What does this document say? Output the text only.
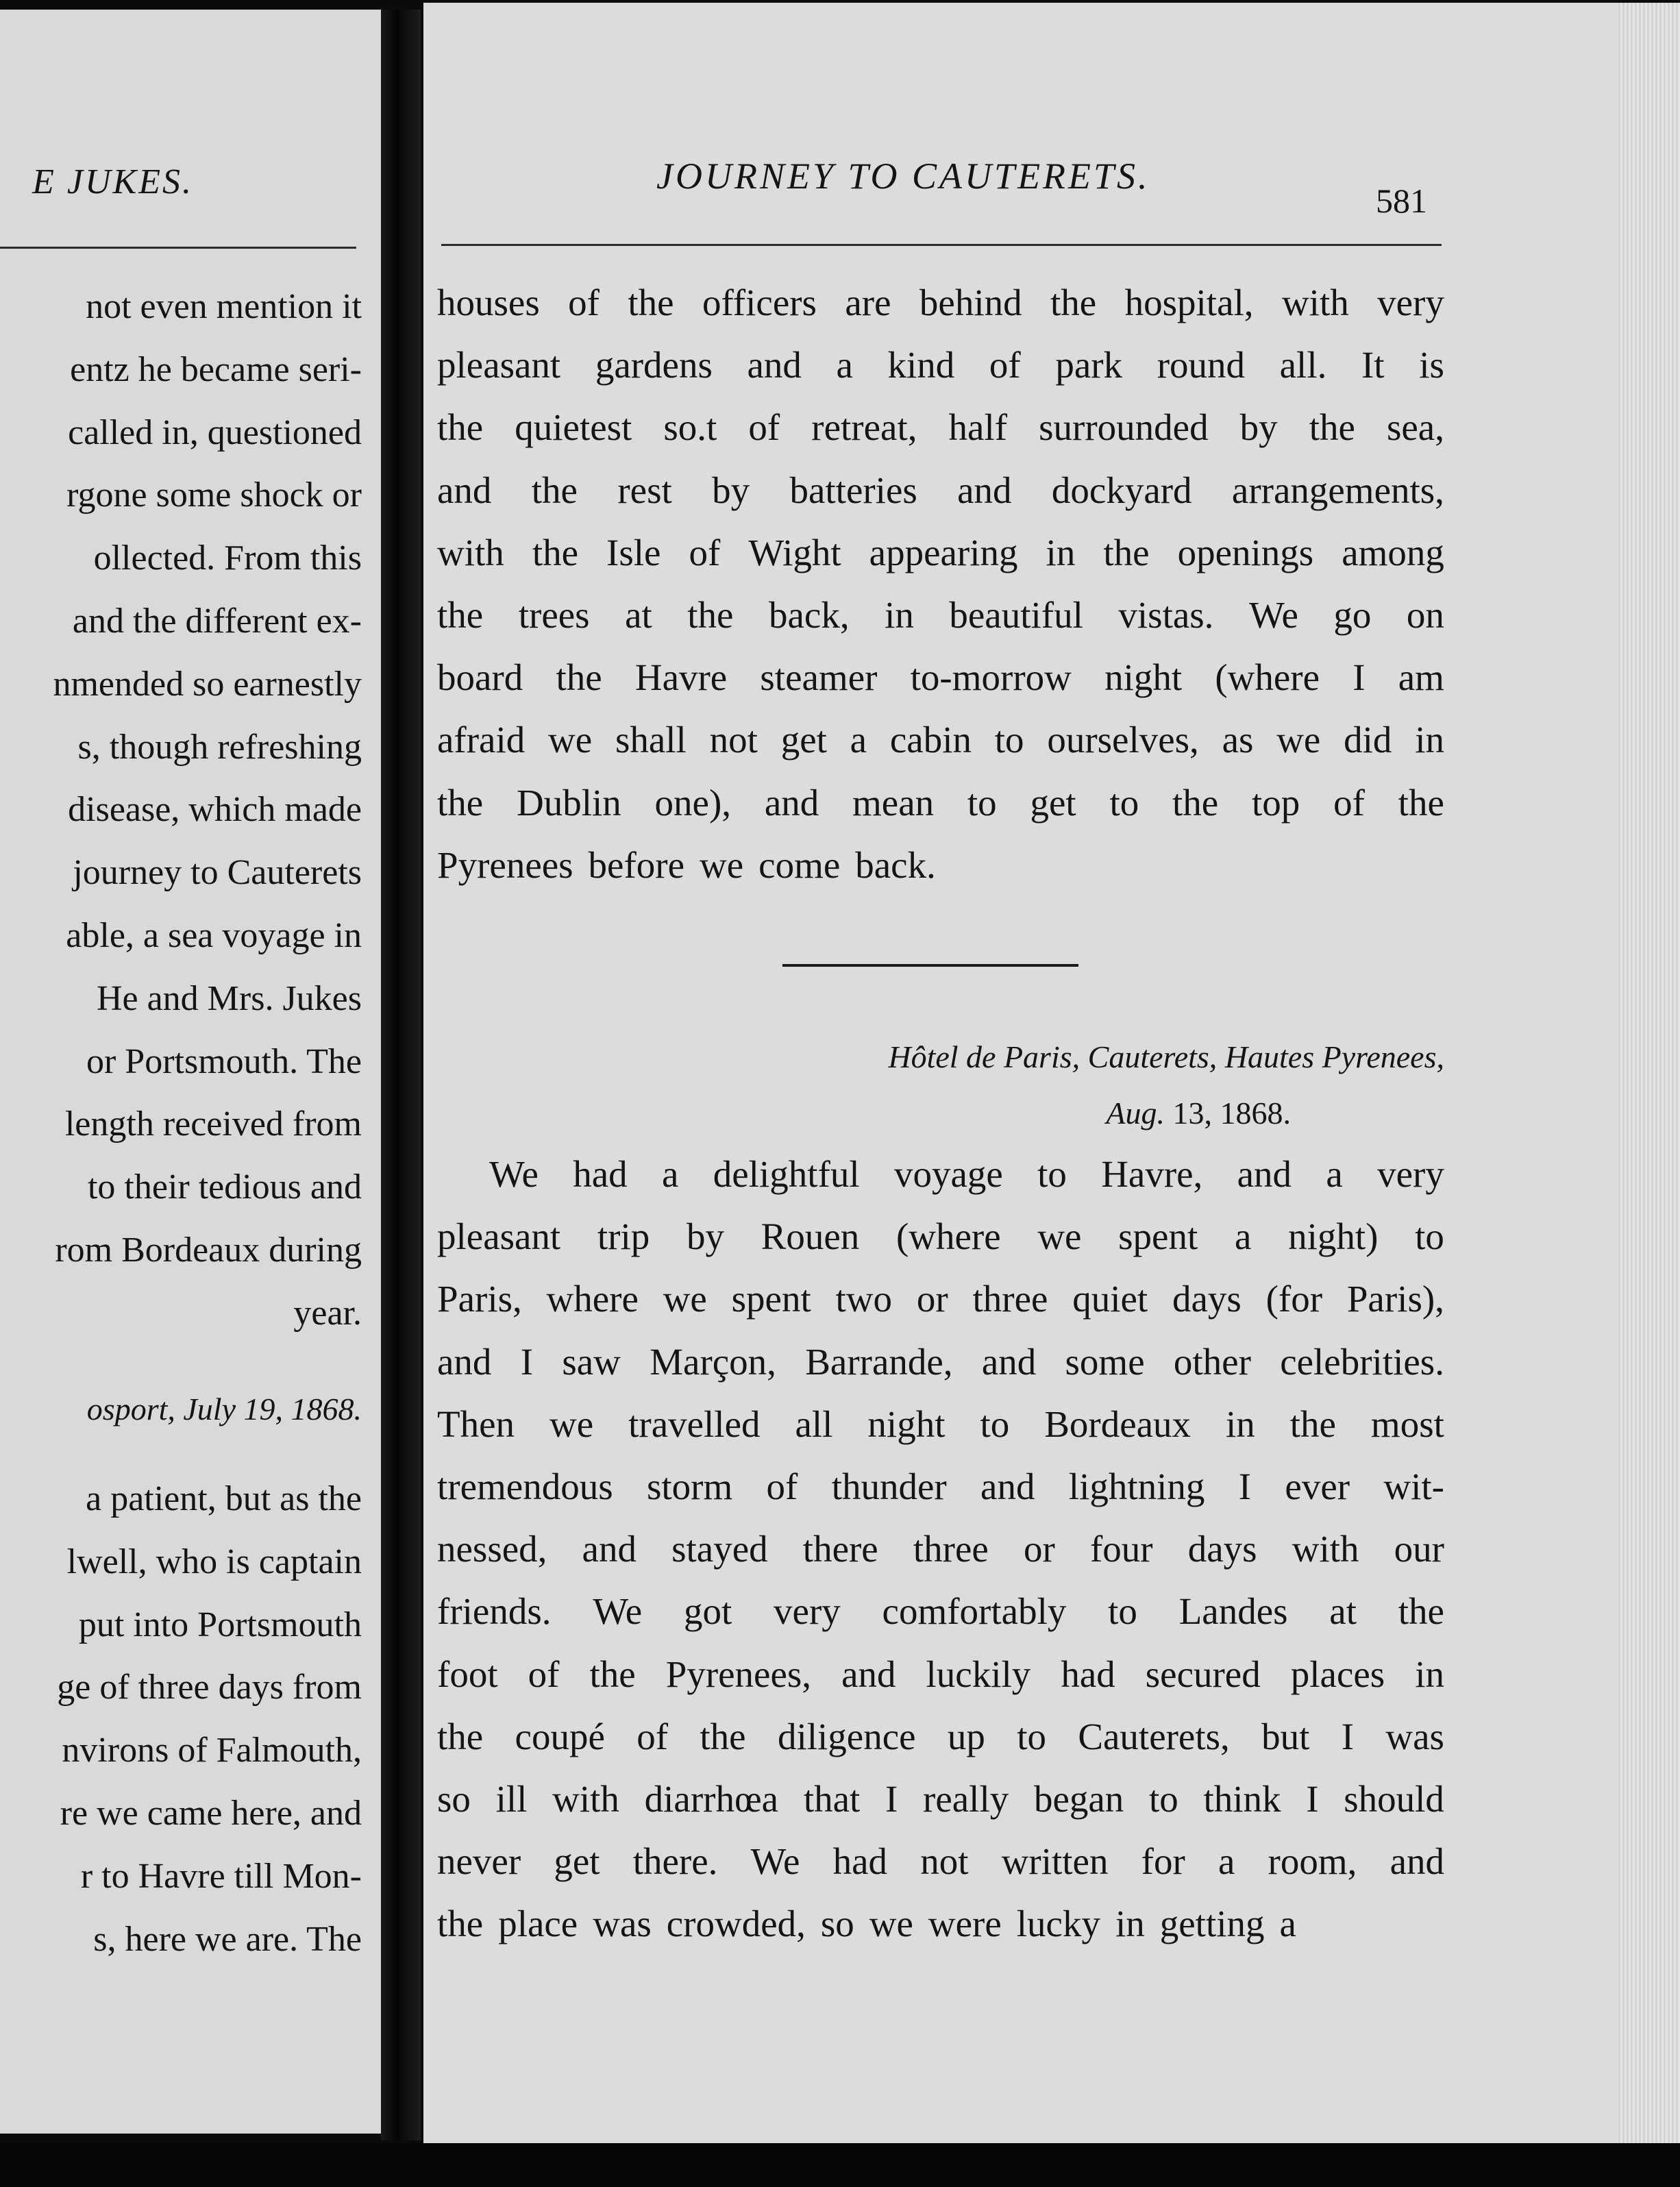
E JUKES.
not even mention it
entz he became seri-
called in, questioned
rgone some shock or
ollected. From this
and the different ex-
nmended so earnestly
s, though refreshing
disease, which made
journey to Cauterets
able, a sea voyage in
He and Mrs. Jukes
or Portsmouth. The
length received from
to their tedious and
rom Bordeaux during
year.
osport, July 19, 1868.
a patient, but as the
lwell, who is captain
put into Portsmouth
ge of three days from
nvirons of Falmouth,
re we came here, and
r to Havre till Mon-
s, here we are. The
JOURNEY TO CAUTERETS.
581
houses of the officers are behind the hospital, with very
pleasant gardens and a kind of park round all. It is
the quietest so.t of retreat, half surrounded by the sea,
and the rest by batteries and dockyard arrangements,
with the Isle of Wight appearing in the openings among
the trees at the back, in beautiful vistas. We go on
board the Havre steamer to-morrow night (where I am
afraid we shall not get a cabin to ourselves, as we did in
the Dublin one), and mean to get to the top of the
Pyrenees before we come back.
Hôtel de Paris, Cauterets, Hautes Pyrenees,
Aug. 13, 1868.
We had a delightful voyage to Havre, and a very
pleasant trip by Rouen (where we spent a night) to
Paris, where we spent two or three quiet days (for Paris),
and I saw Marçon, Barrande, and some other celebrities.
Then we travelled all night to Bordeaux in the most
tremendous storm of thunder and lightning I ever wit-
nessed, and stayed there three or four days with our
friends. We got very comfortably to Landes at the
foot of the Pyrenees, and luckily had secured places in
the coupé of the diligence up to Cauterets, but I was
so ill with diarrhœa that I really began to think I should
never get there. We had not written for a room, and
the place was crowded, so we were lucky in getting a
